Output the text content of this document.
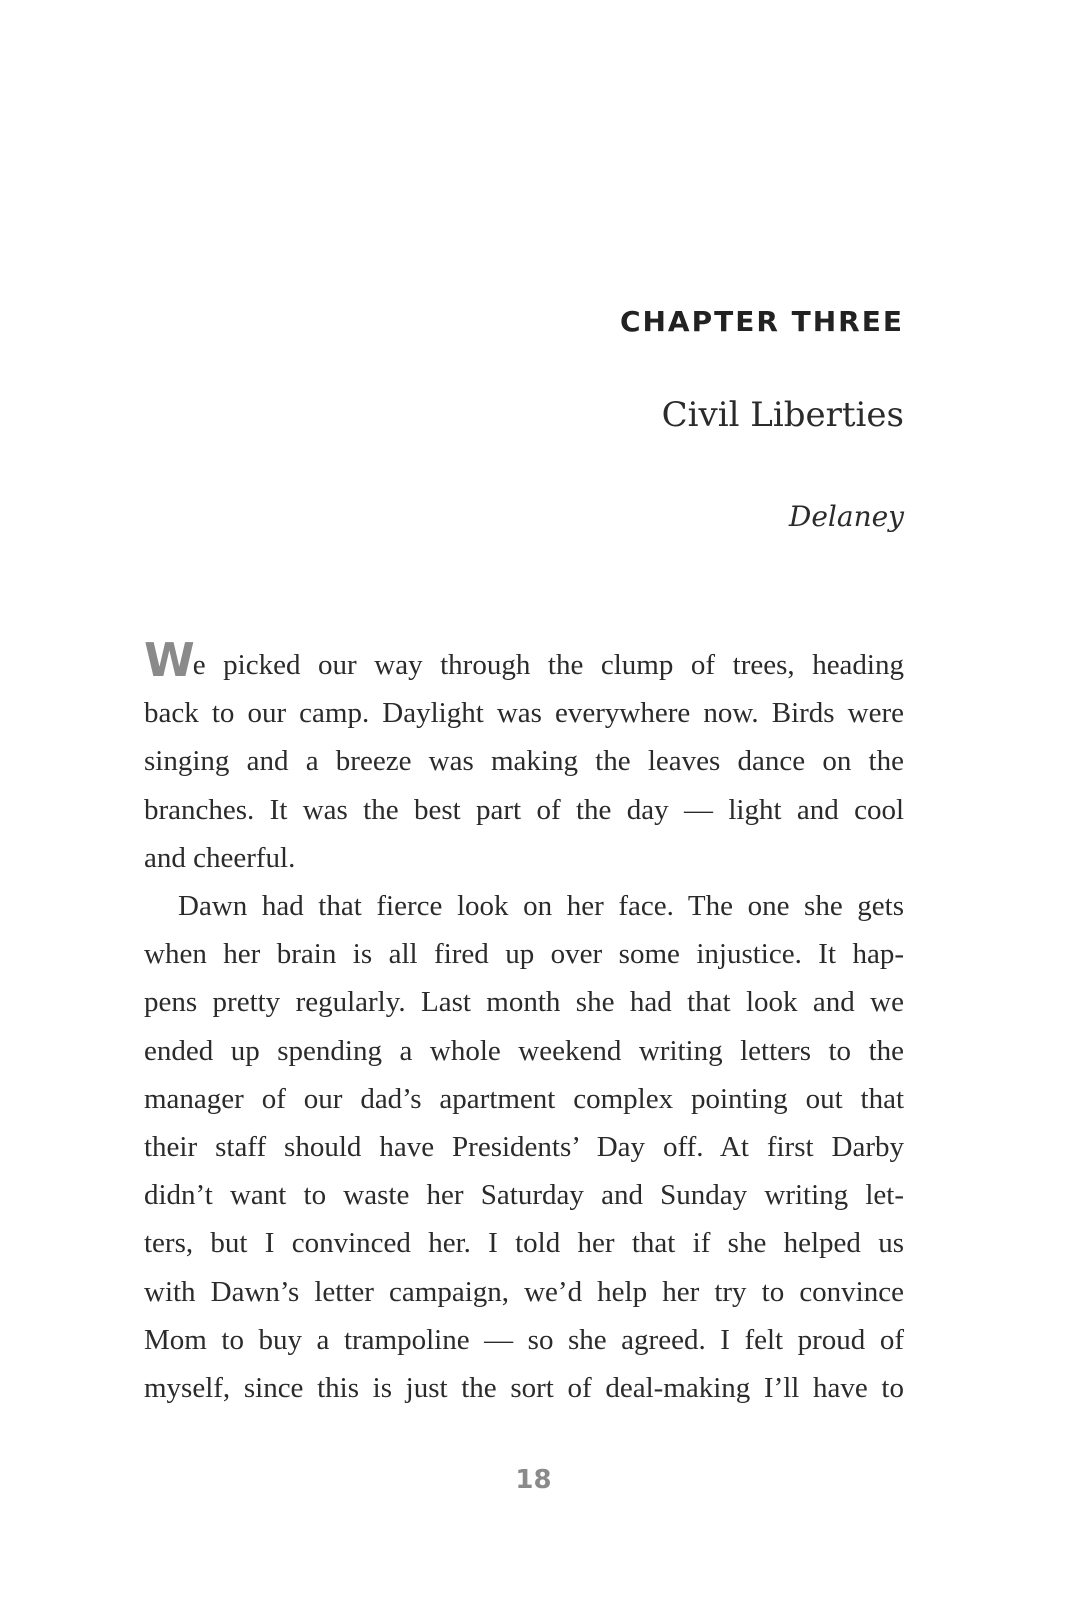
CHAPTER THREE
Civil Liberties
Delaney
We picked our way through the clump of trees, heading
back to our camp. Daylight was everywhere now. Birds were
singing and a breeze was making the leaves dance on the
branches. It was the best part of the day — light and cool
and cheerful.
Dawn had that fierce look on her face. The one she gets
when her brain is all fired up over some injustice. It hap-
pens pretty regularly. Last month she had that look and we
ended up spending a whole weekend writing letters to the
manager of our dad’s apartment complex pointing out that
their staff should have Presidents’ Day off. At first Darby
didn’t want to waste her Saturday and Sunday writing let-
ters, but I convinced her. I told her that if she helped us
with Dawn’s letter campaign, we’d help her try to convince
Mom to buy a trampoline — so she agreed. I felt proud of
myself, since this is just the sort of deal-making I’ll have to
18
